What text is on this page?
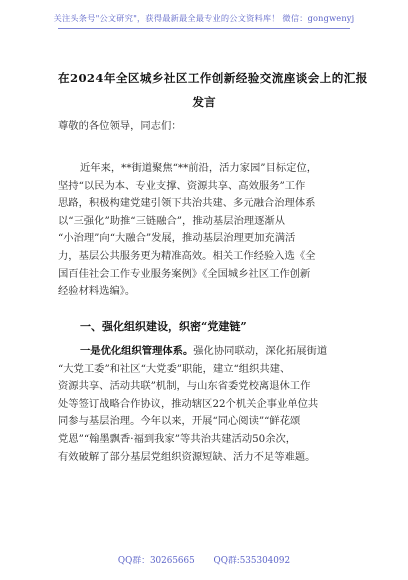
关注头条号"公文研究"，获得最新最全最专业的公文资料库！ 微信：gongwenyj
在2024年全区城乡社区工作创新经验交流座谈会上的汇报
发言
尊敬的各位领导，同志们：
近年来，**街道聚焦“**前沿，活力家园”目标定位，
坚持“以民为本、专业支撑、资源共享、高效服务”工作
思路，积极构建党建引领下共治共建、多元融合治理体系
以“三强化”助推“三链融合”，推动基层治理逐渐从
“小治理”向“大融合”发展，推动基层治理更加充满活
力，基层公共服务更为精准高效。相关工作经验入选《全
国百佳社会工作专业服务案例》《全国城乡社区工作创新
经验材料选编》。
一、强化组织建设，织密“党建链”
一是优化组织管理体系。强化协同联动，深化拓展街道
“大党工委”和社区“大党委”职能，建立“组织共建、
资源共享、活动共联”机制，与山东省委党校离退休工作
处等签订战略合作协议，推动辖区22个机关企事业单位共
同参与基层治理。今年以来，开展“同心阅读”“鲜花颂
党恩”“翰墨飘香·福到我家”等共治共建活动50余次，
有效破解了部分基层党组织资源短缺、活力不足等难题。
QQ群：30265665 QQ群:535304092
